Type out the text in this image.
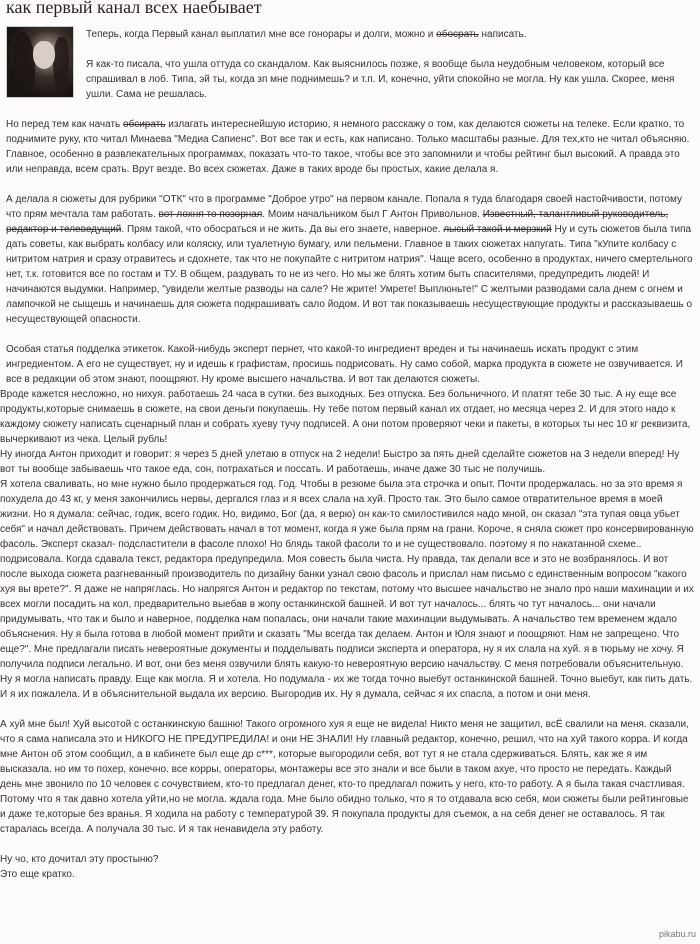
как первый канал всех наебывает

Теперь, когда Первый канал выплатил мне все гонорары и долги, можно и обосрать написать.

Я как-то писала, что ушла оттуда со скандалом. Как выяснилось позже, я вообще была неудобным человеком, который все спрашивал в лоб. Типа, эй ты, когда зп мне поднимешь? и т.п. И, конечно, уйти спокойно не могла. Ну как ушла. Скорее, меня ушли. Сама не решалась.

Но перед тем как начать обсирать излагать интереснейшую историю, я немного расскажу о том, как делаются сюжеты на телеке. Если кратко, то поднимите руку, кто читал Минаева "Медиа Сапиенс". Вот все так и есть, как написано. Только масштабы разные. Для тех,кто не читал объясняю. Главное, особенно в развлекательных программах, показать что-то такое, чтобы все это запомнили и чтобы рейтинг был высокий. А правда это или неправда, всем срать. Врут везде. Во всех сюжетах. Даже в таких вроде бы простых, какие делала я.

А делала я сюжеты для рубрики "ОТК" что в программе "Доброе утро" на первом канале. Попала я туда благодаря своей настойчивости, потому что прям мечтала там работать. вот лохня то позорная. Моим начальником был Г Антон Привольнов. Известный, талантливый руководитель, редактор и телеведущий. Прям такой, что обосраться и не жить. Да вы его знаете, наверное. лысый такой и мерзкий Ну и суть сюжетов была типа дать советы, как выбрать колбасу или коляску, или туалетную бумагу, или пельмени. Главное в таких сюжетах напугать. Типа "кУпите колбасу с нитритом натрия и сразу отравитесь и сдохнете, так что не покупайте с нитритом натрия". Чаще всего, особенно в продуктах, ничего смертельного нет, т.к. готовится все по гостам и ТУ. В общем, раздувать то не из чего. Но мы же блять хотим быть спасителями, предупредить людей! И начинаются выдумки. Например, "увидели желтые разводы на сале? Не жрите! Умрете! Выплюньте!" С желтыми разводами сала днем с огнем и лампочкой не сыщешь и начинаешь для сюжета подкрашивать сало йодом. И вот так показываешь несуществующие продукты и рассказываешь о несуществующей опасности.

Особая статья подделка этикеток. Какой-нибудь эксперт пернет, что какой-то ингредиент вреден и ты начинаешь искать продукт с этим ингредиентом. А его не существует, ну и идешь к графистам, просишь подрисовать. Ну само собой, марка продукта в сюжете не озвучивается. И все в редакции об этом знают, поощряют. Ну кроме высшего начальства. И вот так делаются сюжеты.

Вроде кажется несложно, но нихуя. работаешь 24 часа в сутки. без выходных. Без отпуска. Без больничного. И платят тебе 30 тыс. А ну еще все продукты,которые снимаешь в сюжете, на свои деньги покупаешь. Ну тебе потом первый канал их отдает, но месяца через 2. И для этого надо к каждому сюжету написать сценарный план и собрать хуеву тучу подписей. А они потом проверяют чеки и пакеты, в которых ты нес 10 кг реквизита, вычеркивают из чека. Целый рубль!

Ну иногда Антон приходит и говорит: я через 5 дней улетаю в отпуск на 2 недели! Быстро за пять дней сделайте сюжетов на 3 недели вперед! Ну вот ты вообще забываешь что такое еда, сон, потрахаться и поссать. И работаешь, иначе даже 30 тыс не получишь.

Я хотела сваливать, но мне нужно было продержаться год. Год. Чтобы в резюме была эта строчка и опыт. Почти продержалась. но за это время я похудела до 43 кг, у меня закончились нервы, дергался глаз и я всех слала на хуй. Просто так. Это было самое отвратительное время в моей жизни. Но я думала: сейчас, годик, всего годик. Но, видимо, Бог (да, я верю) он как-то смилостивился надо мной, он сказал "эта тупая овца убьет себя" и начал действовать. Причем действовать начал в тот момент, когда я уже была прям на грани. Короче, я сняла сюжет про консервированную фасоль. Эксперт сказал- подсластители в фасоле плохо! Но блядь такой фасоли то и не существовало. поэтому я по накатанной схеме.. подрисовала. Когда сдавала текст, редактора предупредила. Моя совесть была чиста. Ну правда, так делали все и это не возбранялось. И вот после выхода сюжета разгневанный производитель по дизайну банки узнал свою фасоль и прислал нам письмо с единственным вопросом "какого хуя вы врете?". Я даже не напряглась. Но напрягся Антон и редактор по текстам, потому что высшее начальство не знало про наши махинации и их всех могли посадить на кол, предварительно выебав в жопу останкинской башней. И вот тут началось... блять чо тут началось... они начали придумывать, что так и было и наверное, подделка нам попалась, они начали такие махинации выдумывать. А начальство тем временем ждало объяснения. Ну я была готова в любой момент прийти и сказать "Мы всегда так делаем. Антон и Юля знают и поощряют. Нам не запрещено. Что еще?". Мне предлагали писать невероятные документы и подделывать подписи эксперта и оператора, ну я их слала на хуй. я в тюрьму не хочу. Я получила подписи легально. И вот, они без меня озвучили блять какую-то невероятную версию начальству. С меня потребовали объяснительную. Ну я могла написать правду. Еще как могла. Я и хотела. Но подумала - их же тогда точно выебут останкинской башней. Точно выебут, как пить дать. И я их пожалела. И в объяснительной выдала их версию. Выгородив их. Ну я думала, сейчас я их спасла, а потом и они меня.

А хуй мне был! Хуй высотой с останкинскую башню! Такого огромного хуя я еще не видела! Никто меня не защитил, всЁ свалили на меня. сказали, что я сама написала это и НИКОГО НЕ ПРЕДУПРЕДИЛА! и они НЕ ЗНАЛИ! Ну главный редактор, конечно, решил, что на хуй такого корра. И когда мне Антон об этом сообщил, а в кабинете был еще др с***, которые выгородили себя, вот тут я не стала сдерживаться. Блять, как же я им высказала. но им то похер, конечно. все корры, операторы, монтажеры все это знали и все были в таком ахуе, что просто не передать. Каждый день мне звонило по 10 человек с сочувствием, кто-то предлагал денег, кто-то предлагал пожить у него, кто-то работу. А я была такая счастливая. Потому что я так давно хотела уйти,но не могла. ждала года. Мне было обидно только, что я то отдавала всю себя, мои сюжеты были рейтинговые и даже те,которые без вранья. Я ходила на работу с температурой 39. Я покупала продукты для съемок, а на себя денег не оставалось. Я так старалась всегда. А получала 30 тыс. И я так ненавидела эту работу.

Ну чо, кто дочитал эту простыню?

Это еще кратко.

pikabu.ru
